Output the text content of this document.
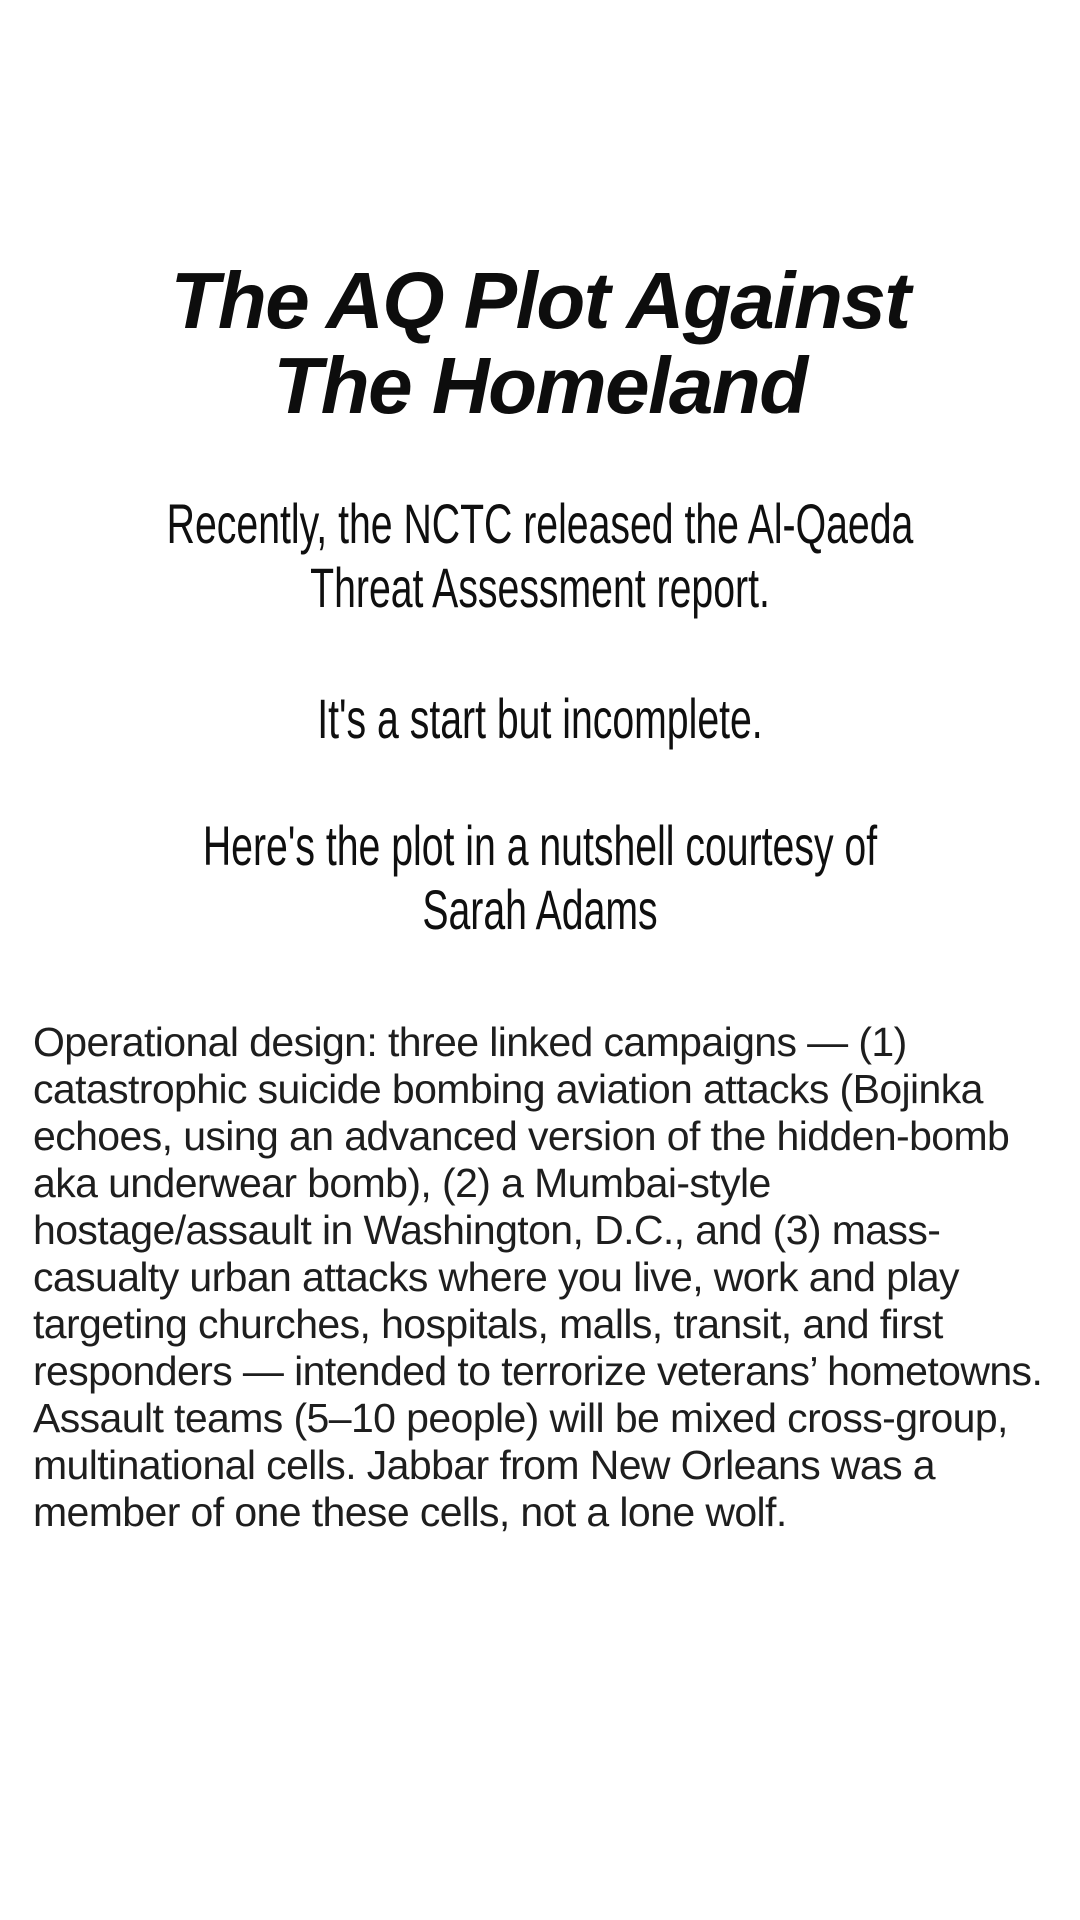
The AQ Plot Against
The Homeland

Recently, the NCTC released the Al-Qaeda
Threat Assessment report.

It's a start but incomplete.

Here's the plot in a nutshell courtesy of
Sarah Adams

Operational design: three linked campaigns — (1) catastrophic suicide bombing aviation attacks (Bojinka echoes, using an advanced version of the hidden-bomb aka underwear bomb), (2) a Mumbai-style hostage/assault in Washington, D.C., and (3) mass-casualty urban attacks where you live, work and play targeting churches, hospitals, malls, transit, and first responders — intended to terrorize veterans’ hometowns. Assault teams (5–10 people) will be mixed cross-group, multinational cells. Jabbar from New Orleans was a member of one these cells, not a lone wolf.
